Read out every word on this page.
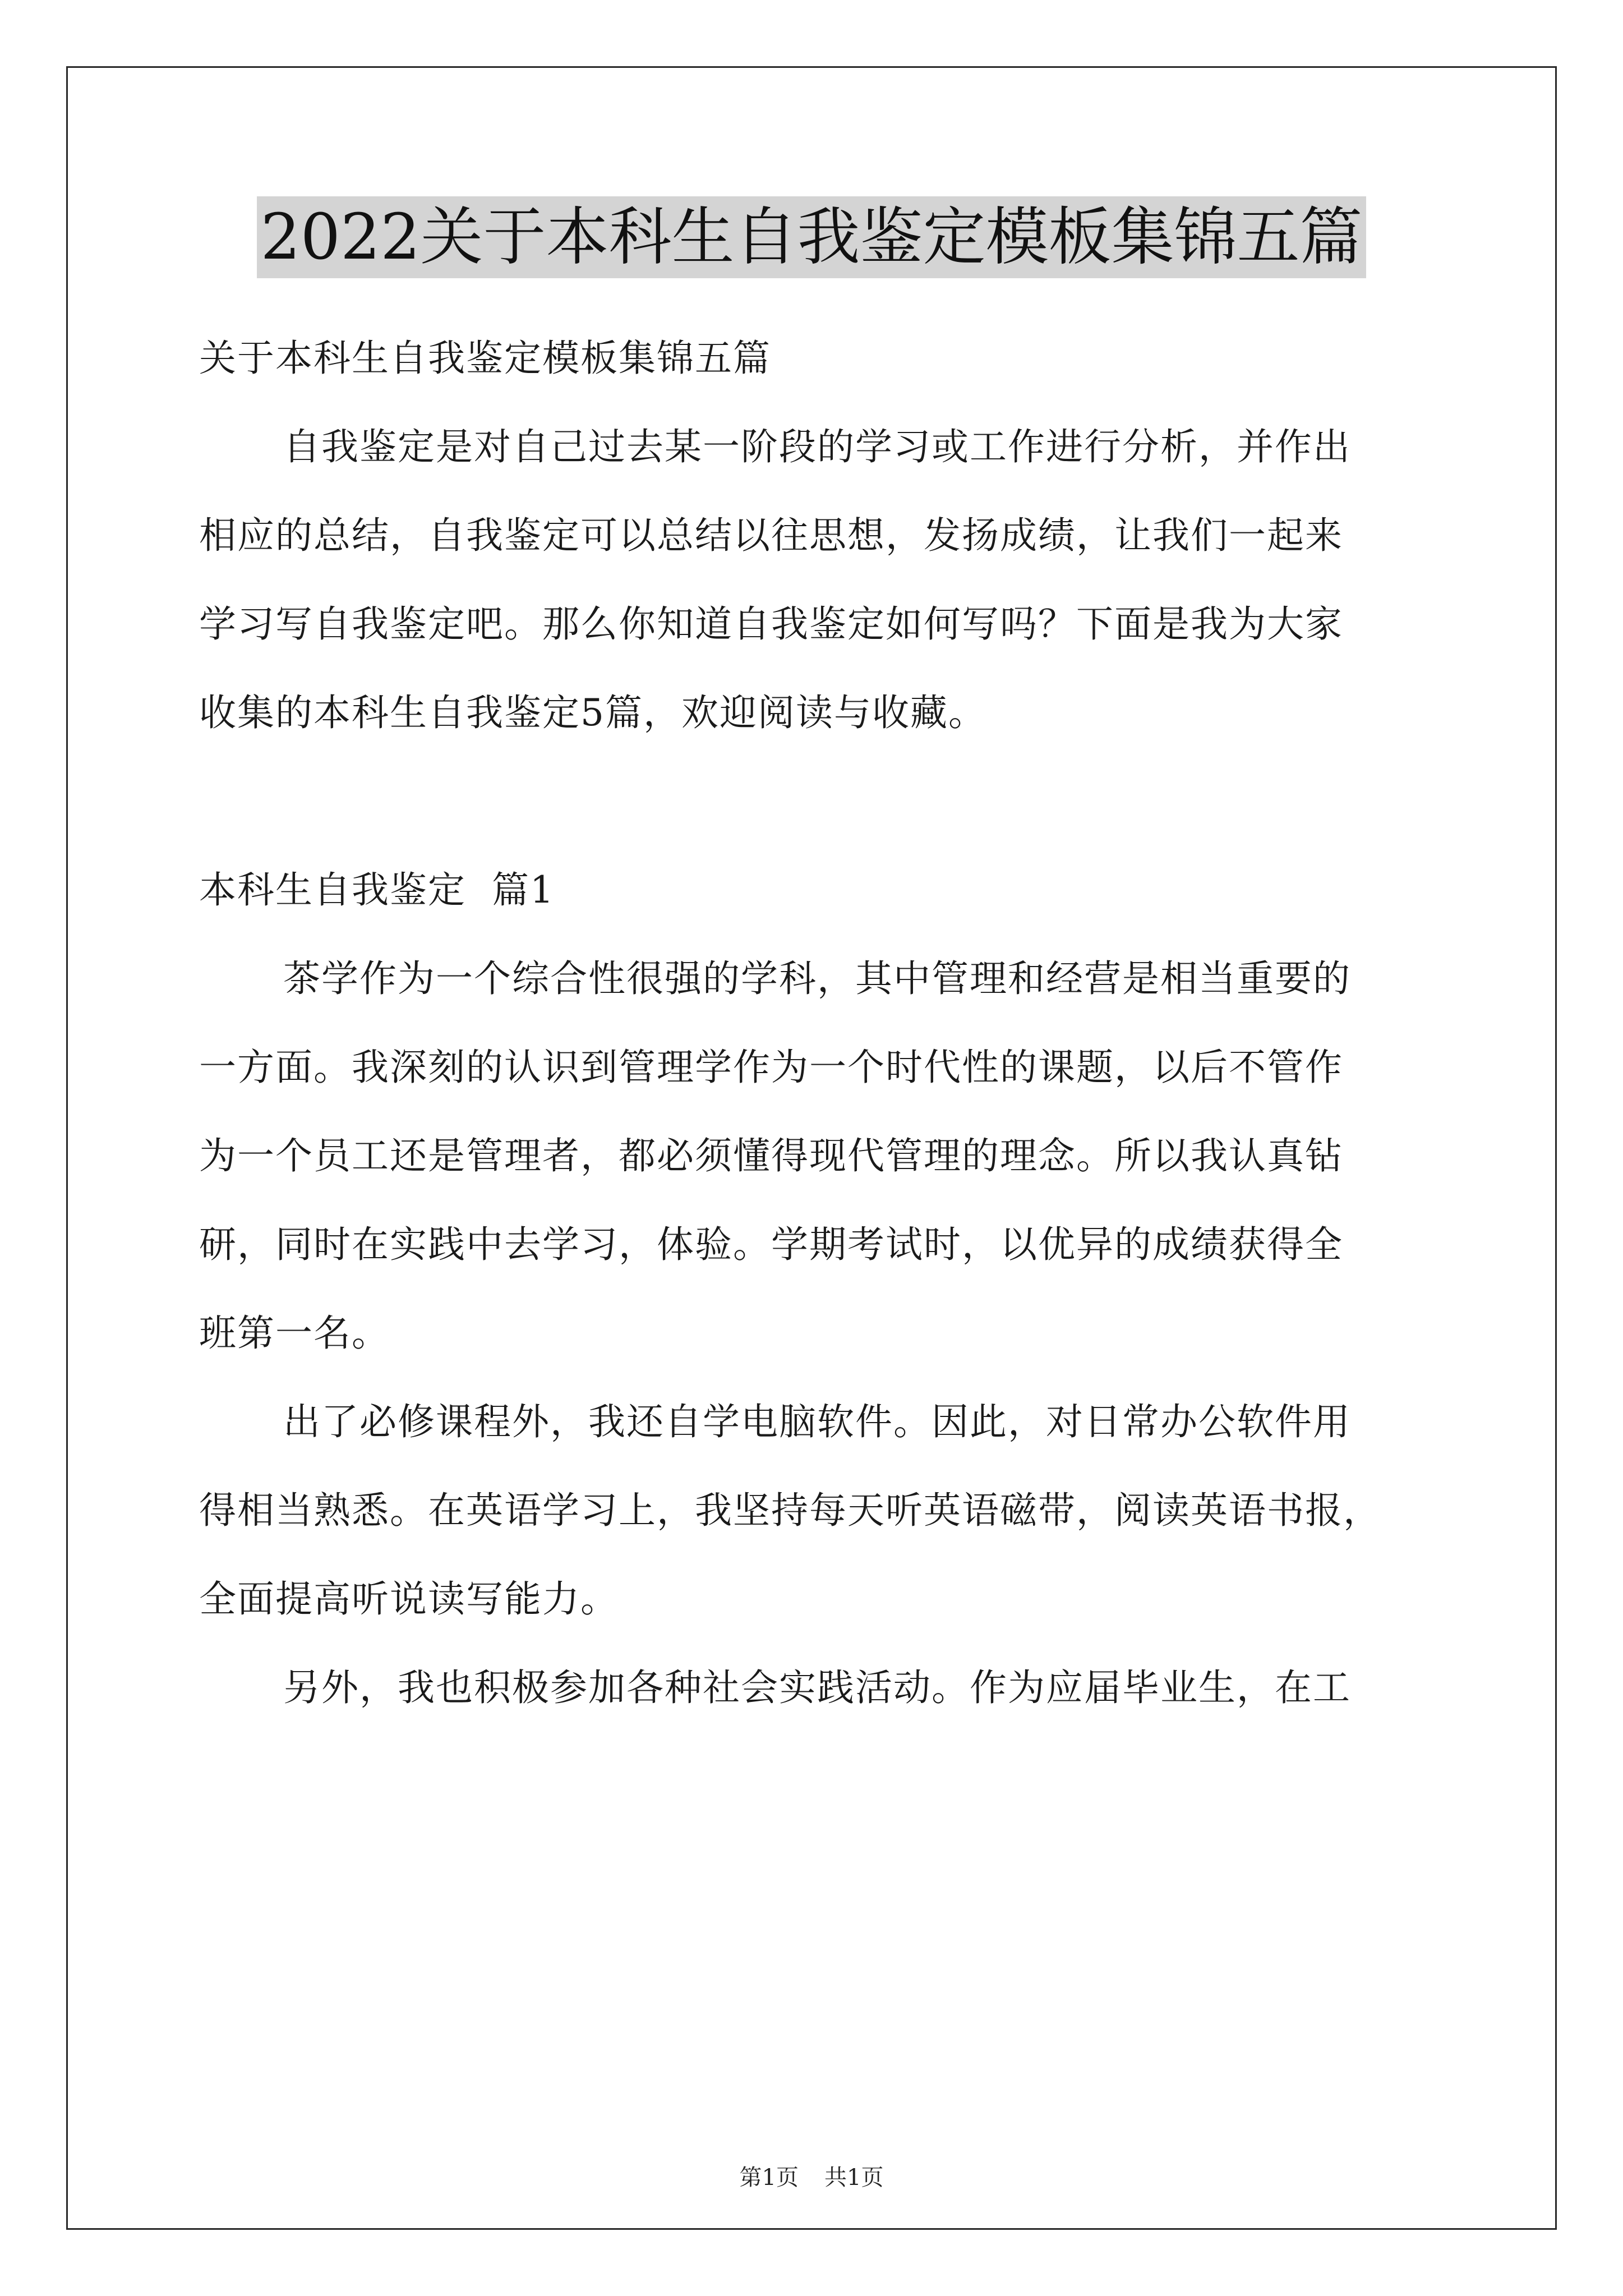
2022关于本科生自我鉴定模板集锦五篇
关于本科生自我鉴定模板集锦五篇
自我鉴定是对自己过去某一阶段的学习或工作进行分析，并作出
相应的总结，自我鉴定可以总结以往思想，发扬成绩，让我们一起来
学习写自我鉴定吧。那么你知道自我鉴定如何写吗？下面是我为大家
收集的本科生自我鉴定5篇，欢迎阅读与收藏。
本科生自我鉴定  篇1
茶学作为一个综合性很强的学科，其中管理和经营是相当重要的
一方面。我深刻的认识到管理学作为一个时代性的课题，以后不管作
为一个员工还是管理者，都必须懂得现代管理的理念。所以我认真钻
研，同时在实践中去学习，体验。学期考试时，以优异的成绩获得全
班第一名。
出了必修课程外，我还自学电脑软件。因此，对日常办公软件用
得相当熟悉。在英语学习上，我坚持每天听英语磁带，阅读英语书报，
全面提高听说读写能力。
另外，我也积极参加各种社会实践活动。作为应届毕业生，在工
第1页 共1页
